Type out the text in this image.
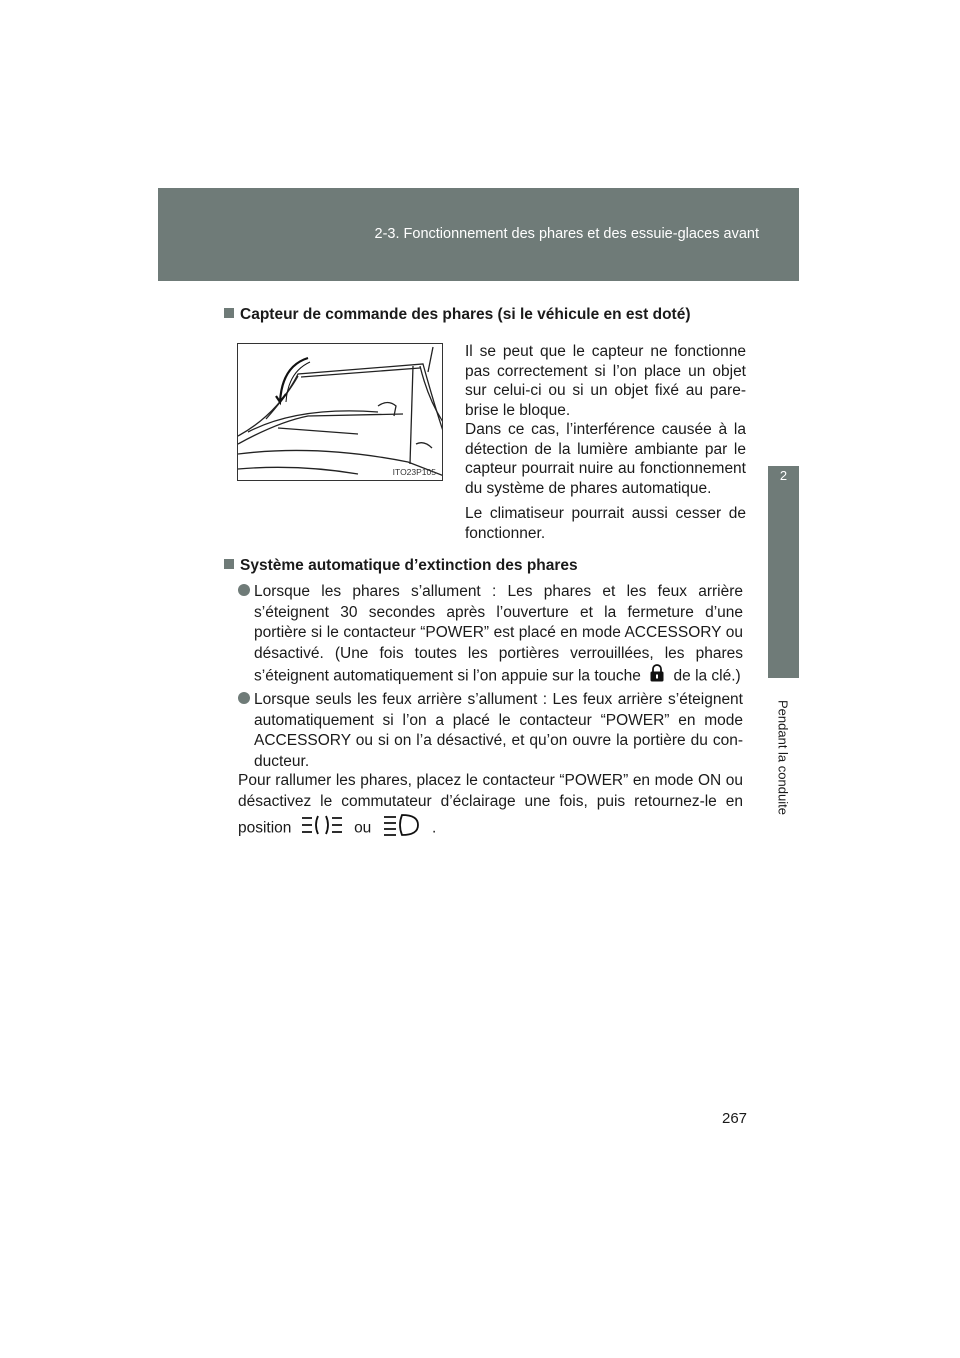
2-3. Fonctionnement des phares et des essuie-glaces avant
2
Pendant la conduite
Capteur de commande des phares (si le véhicule en est doté)
ITO23P105
Il se peut que le capteur ne fonctionne pas correctement si l’on place un objet sur celui-ci ou si un objet fixé au pare-brise le bloque.
Dans ce cas, l’interférence causée à la détection de la lumière ambiante par le capteur pourrait nuire au fonctionnement du système de phares automatique.
Le climatiseur pourrait aussi cesser de fonctionner.
Système automatique d’extinction des phares
Lorsque les phares s’allument : Les phares et les feux arrière s’éteignent 30 secondes après l’ouverture et la fermeture d’une portière si le contacteur “POWER” est placé en mode ACCESSORY ou désactivé. (Une fois toutes les portières verrouillées, les phares s’éteignent automatiquement si l’on appuie sur la touche de la clé.)
Lorsque seuls les feux arrière s’allument : Les feux arrière s’éteignent automatiquement si l’on a placé le contacteur “POWER” en mode ACCESSORY ou si on l’a désactivé, et qu’on ouvre la portière du conducteur.
Pour rallumer les phares, placez le contacteur “POWER” en mode ON ou désactivez le commutateur d’éclairage une fois, puis retournez-le en position	ou	.
267
